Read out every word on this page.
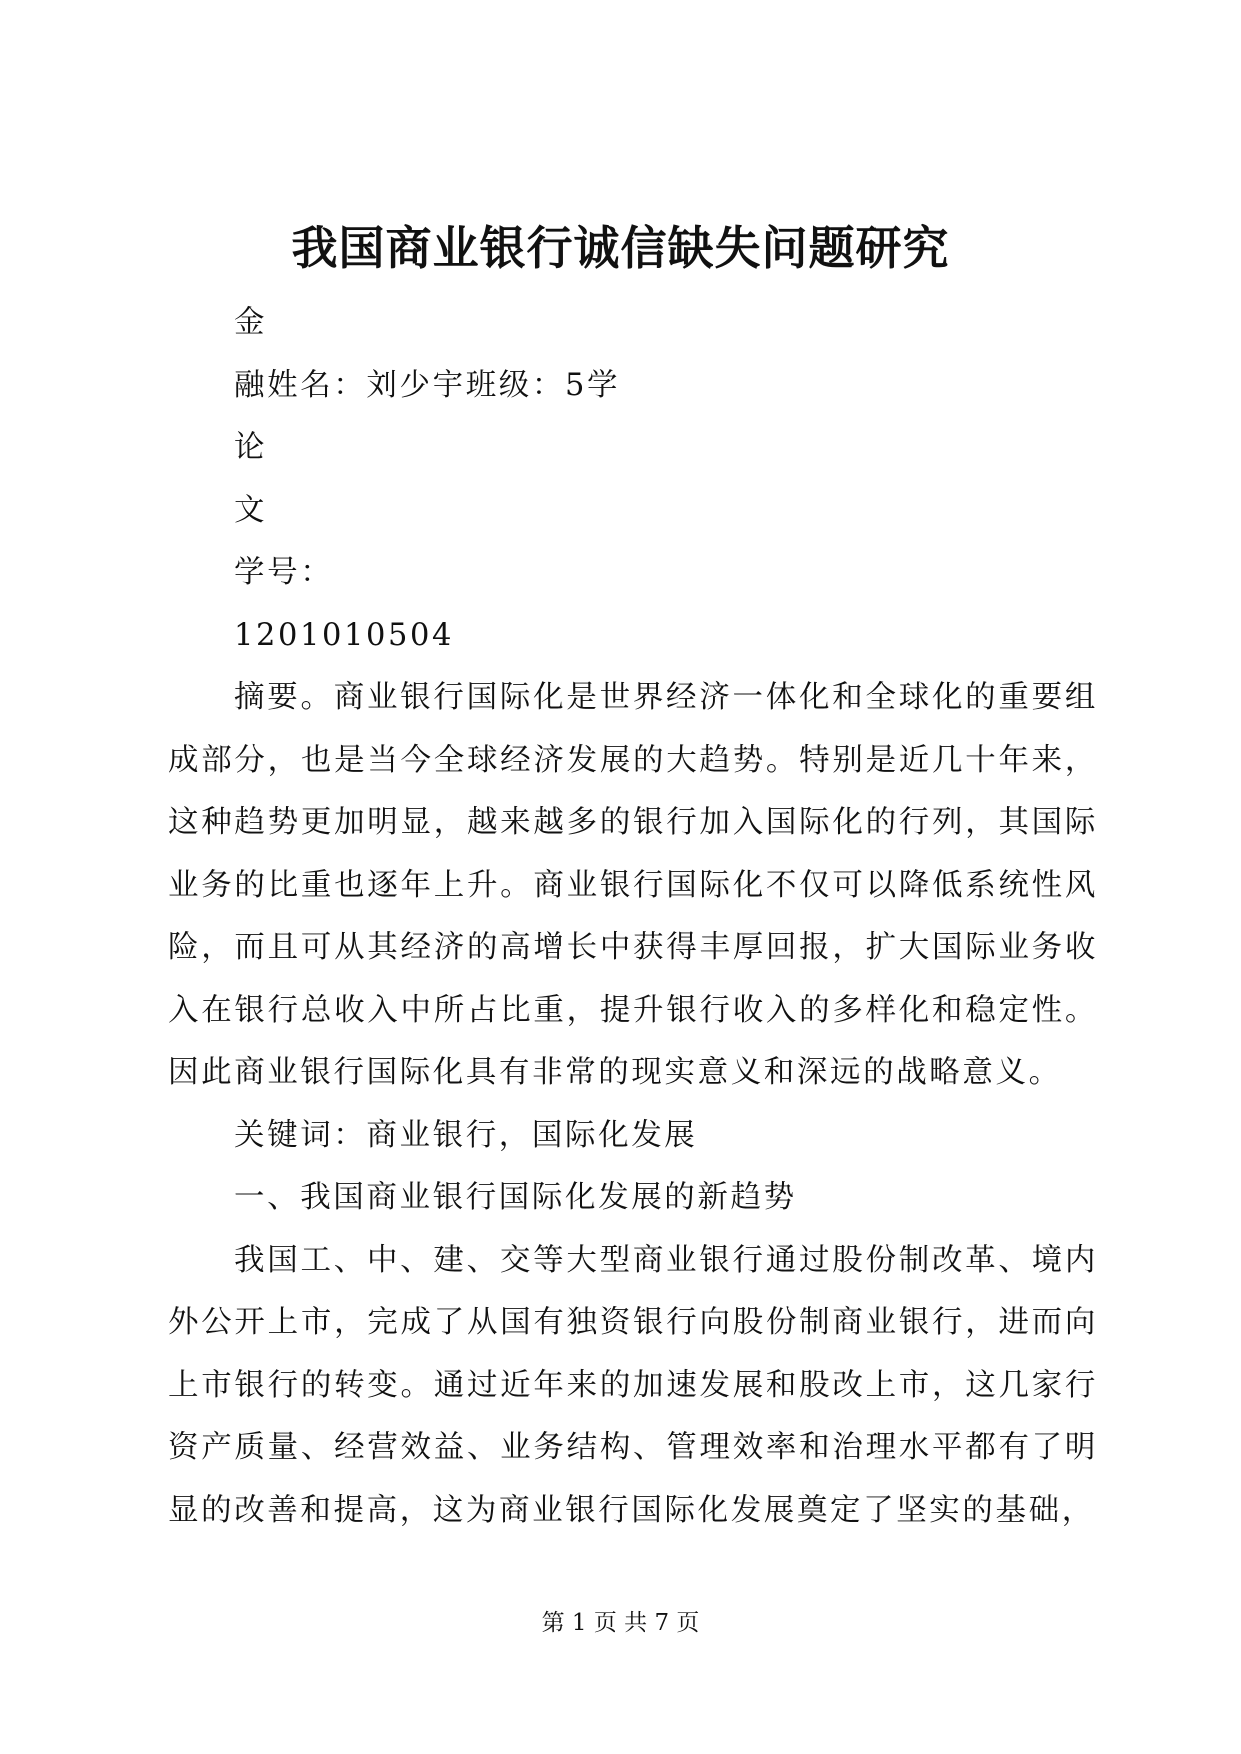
我国商业银行诚信缺失问题研究

金

融姓名：刘少宇班级：5学

论

文

学号：

1201010504

摘要。商业银行国际化是世界经济一体化和全球化的重要组成部分，也是当今全球经济发展的大趋势。特别是近几十年来，这种趋势更加明显，越来越多的银行加入国际化的行列，其国际业务的比重也逐年上升。商业银行国际化不仅可以降低系统性风险，而且可从其经济的高增长中获得丰厚回报，扩大国际业务收入在银行总收入中所占比重，提升银行收入的多样化和稳定性。因此商业银行国际化具有非常的现实意义和深远的战略意义。

关键词：商业银行，国际化发展

一、我国商业银行国际化发展的新趋势

我国工、中、建、交等大型商业银行通过股份制改革、境内外公开上市，完成了从国有独资银行向股份制商业银行，进而向上市银行的转变。通过近年来的加速发展和股改上市，这几家行资产质量、经营效益、业务结构、管理效率和治理水平都有了明显的改善和提高，这为商业银行国际化发展奠定了坚实的基础，

第 1 页 共 7 页
